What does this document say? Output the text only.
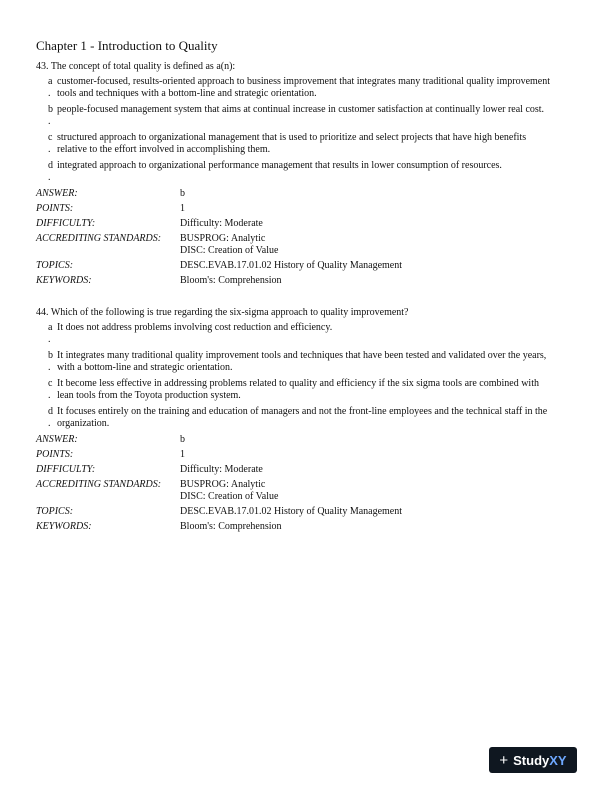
Chapter 1 - Introduction to Quality
43. The concept of total quality is defined as a(n):
a
.
customer-focused, results-oriented approach to business improvement that integrates many traditional quality improvement tools and techniques with a bottom-line and strategic orientation.
b
.
people-focused management system that aims at continual increase in customer satisfaction at continually lower real cost.
c
.
structured approach to organizational management that is used to prioritize and select projects that have high benefits relative to the effort involved in accomplishing them.
d
.
integrated approach to organizational performance management that results in lower consumption of resources.
ANSWER:	b
POINTS:	1
DIFFICULTY:	Difficulty: Moderate
ACCREDITING STANDARDS:	BUSPROG: Analytic
DISC: Creation of Value
TOPICS:	DESC.EVAB.17.01.02 History of Quality Management
KEYWORDS:	Bloom's: Comprehension
44. Which of the following is true regarding the six-sigma approach to quality improvement?
a
.
It does not address problems involving cost reduction and efficiency.
b
.
It integrates many traditional quality improvement tools and techniques that have been tested and validated over the years, with a bottom-line and strategic orientation.
c
.
It become less effective in addressing problems related to quality and efficiency if the six sigma tools are combined with lean tools from the Toyota production system.
d
.
It focuses entirely on the training and education of managers and not the front-line employees and the technical staff in the organization.
ANSWER:	b
POINTS:	1
DIFFICULTY:	Difficulty: Moderate
ACCREDITING STANDARDS:	BUSPROG: Analytic
DISC: Creation of Value
TOPICS:	DESC.EVAB.17.01.02 History of Quality Management
KEYWORDS:	Bloom's: Comprehension
+ Study XY
